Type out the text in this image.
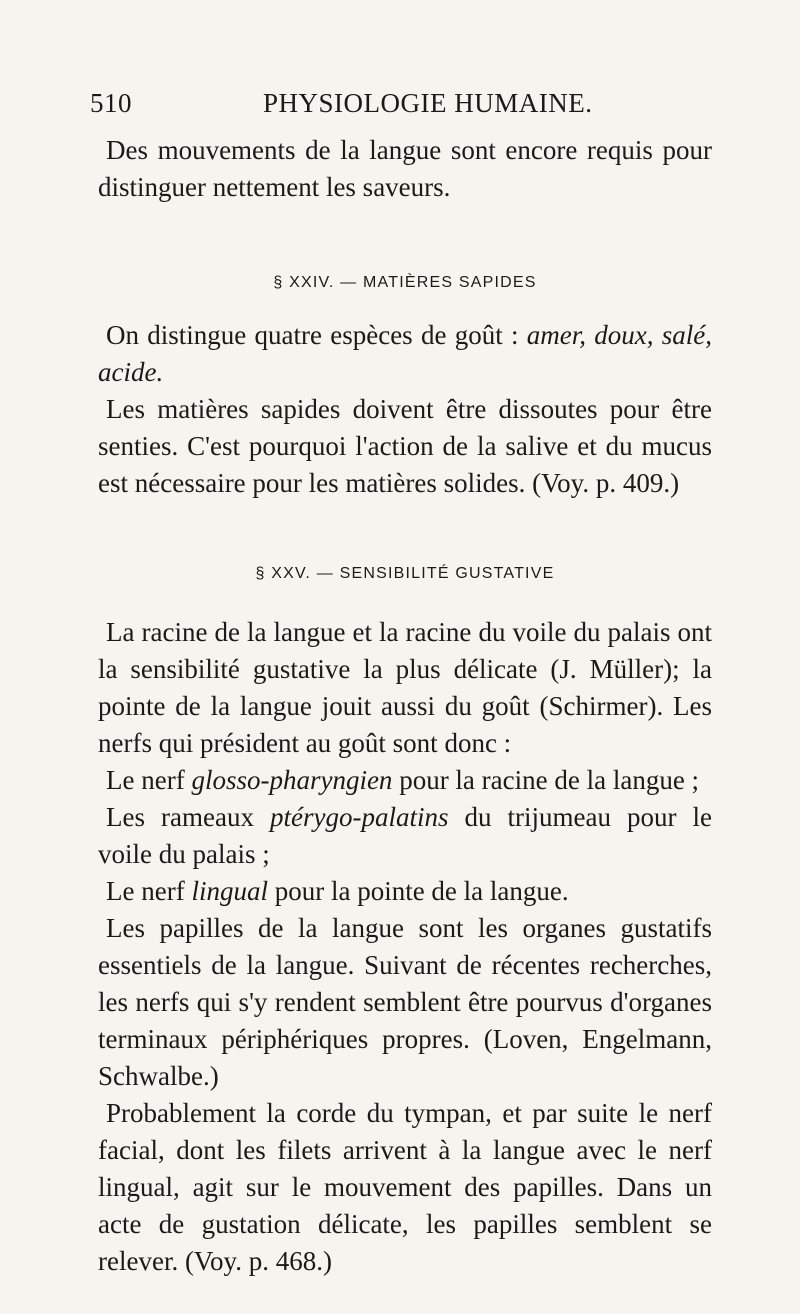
510	PHYSIOLOGIE HUMAINE.

Des mouvements de la langue sont encore requis pour distinguer nettement les saveurs.

§ XXIV. — MATIÈRES SAPIDES

On distingue quatre espèces de goût : amer, doux, salé, acide.

Les matières sapides doivent être dissoutes pour être senties. C'est pourquoi l'action de la salive et du mucus est nécessaire pour les matières solides. (Voy. p. 409.)

§ XXV. — SENSIBILITÉ GUSTATIVE

La racine de la langue et la racine du voile du palais ont la sensibilité gustative la plus délicate (J. Müller); la pointe de la langue jouit aussi du goût (Schirmer). Les nerfs qui président au goût sont donc :

Le nerf glosso-pharyngien pour la racine de la langue ;

Les rameaux ptérygo-palatins du trijumeau pour le voile du palais ;

Le nerf lingual pour la pointe de la langue.

Les papilles de la langue sont les organes gustatifs essentiels de la langue. Suivant de récentes recherches, les nerfs qui s'y rendent semblent être pourvus d'organes terminaux périphériques propres. (Loven, Engelmann, Schwalbe.)

Probablement la corde du tympan, et par suite le nerf facial, dont les filets arrivent à la langue avec le nerf lingual, agit sur le mouvement des papilles. Dans un acte de gustation délicate, les papilles semblent se relever. (Voy. p. 468.)
